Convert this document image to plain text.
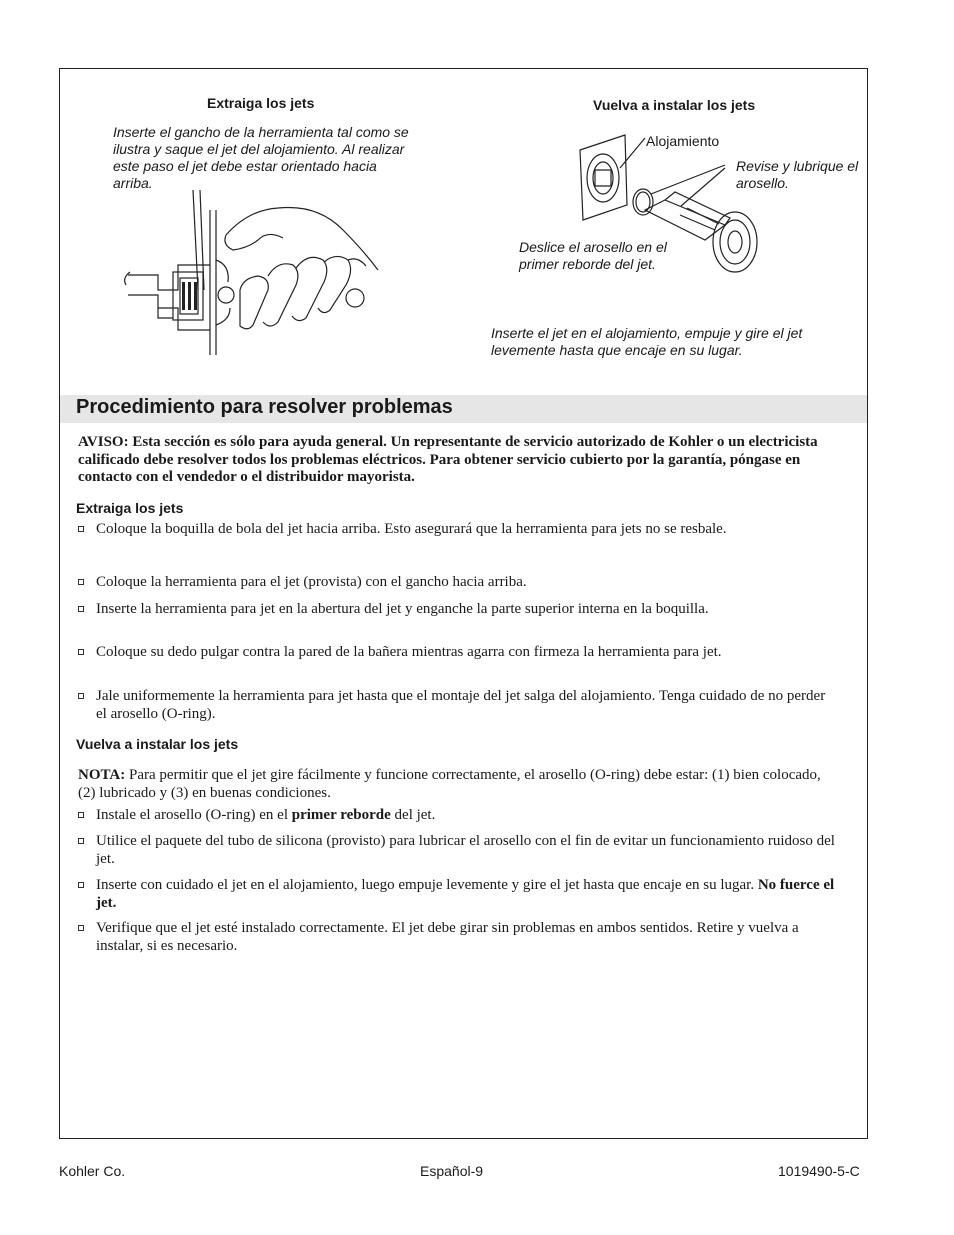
Extraiga los jets
Inserte el gancho de la herramienta tal como se ilustra y saque el jet del alojamiento. Al realizar este paso el jet debe estar orientado hacia arriba.
Vuelva a instalar los jets
Alojamiento
Revise y lubrique el arosello.
Deslice el arosello en el primer reborde del jet.
Inserte el jet en el alojamiento, empuje y gire el jet levemente hasta que encaje en su lugar.
Procedimiento para resolver problemas
AVISO: Esta sección es sólo para ayuda general. Un representante de servicio autorizado de Kohler o un electricista calificado debe resolver todos los problemas eléctricos. Para obtener servicio cubierto por la garantía, póngase en contacto con el vendedor o el distribuidor mayorista.
Extraiga los jets
Coloque la boquilla de bola del jet hacia arriba. Esto asegurará que la herramienta para jets no se resbale.
Coloque la herramienta para el jet (provista) con el gancho hacia arriba.
Inserte la herramienta para jet en la abertura del jet y enganche la parte superior interna en la boquilla.
Coloque su dedo pulgar contra la pared de la bañera mientras agarra con firmeza la herramienta para jet.
Jale uniformemente la herramienta para jet hasta que el montaje del jet salga del alojamiento. Tenga cuidado de no perder el arosello (O-ring).
Vuelva a instalar los jets
NOTA: Para permitir que el jet gire fácilmente y funcione correctamente, el arosello (O-ring) debe estar: (1) bien colocado, (2) lubricado y (3) en buenas condiciones.
Instale el arosello (O-ring) en el primer reborde del jet.
Utilice el paquete del tubo de silicona (provisto) para lubricar el arosello con el fin de evitar un funcionamiento ruidoso del jet.
Inserte con cuidado el jet en el alojamiento, luego empuje levemente y gire el jet hasta que encaje en su lugar. No fuerce el jet.
Verifique que el jet esté instalado correctamente. El jet debe girar sin problemas en ambos sentidos. Retire y vuelva a instalar, si es necesario.
Kohler Co.	Español-9	1019490-5-C
